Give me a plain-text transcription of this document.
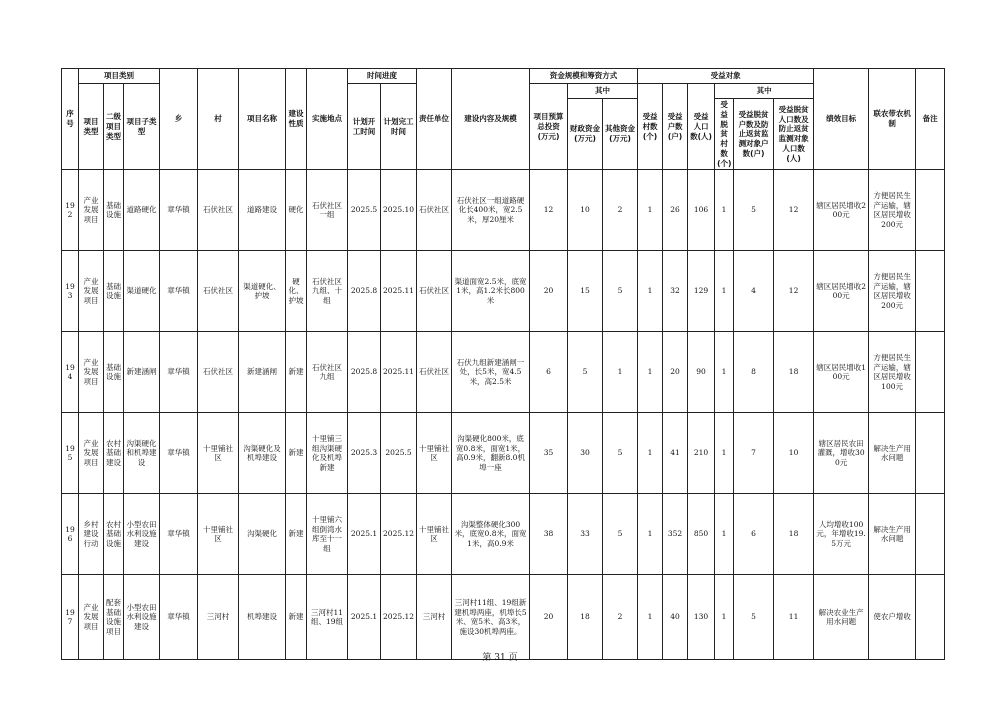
序号	项目类别			乡	村	项目名称	建设性质	实施地点	时间进度		责任单位	建设内容及规模	资金规模和筹资方式			受益对象						绩效目标	联农带农机制	备注
	项目类型	二级项目类型	项目子类型						计划开工时间	计划完工时间			项目预算总投资(万元)	其中		受益村数(个)	受益户数(户)	受益人口数(人)	其中					
														财政资金(万元)	其他资金(万元)				受益脱贫村数(个)	受益脱贫户数及防止返贫监测对象户数(户)	受益脱贫人口数及防止返贫监测对象人口数(人)			
192	产业发展项目	基础设施	道路硬化	章华镇	石伏社区	道路建设	硬化	石伏社区一组	2025.5	2025.10	石伏社区	石伏社区一组道路硬化长400米，宽2.5米，厚20厘米	12	10	2	1	26	106	1	5	12	辖区居民增收200元	方便居民生产运输，辖区居民增收200元	
193	产业发展项目	基础设施	渠道硬化	章华镇	石伏社区	渠道硬化、护坡	硬化、护坡	石伏社区九组、十组	2025.8	2025.11	石伏社区	渠道面宽2.5米，底宽1米，高1.2米长800米	20	15	5	1	32	129	1	4	12	辖区居民增收200元	方便居民生产运输，辖区居民增收200元	
194	产业发展项目	基础设施	新建涵闸	章华镇	石伏社区	新建涵闸	新建	石伏社区九组	2025.8	2025.11	石伏社区	石伏九组新建涵闸一处，长5米，宽4.5米，高2.5米	6	5	1	1	20	90	1	8	18	辖区居民增收100元	方便居民生产运输，辖区居民增收100元	
195	产业发展项目	农村基础建设	沟渠硬化和机埠建设	章华镇	十里铺社区	沟渠硬化及机埠建设	新建	十里铺三组沟渠硬化及机埠新建	2025.3	2025.5	十里铺社区	沟渠硬化800米，底宽0.8米，面宽1米，高0.9米，翻新8.0机埠一座	35	30	5	1	41	210	1	7	10	辖区居民农田灌溉，增收300元	解决生产用水问题	
196	乡村建设行动	农村基础设施	小型农田水利设施建设	章华镇	十里铺社区	沟渠硬化	新建	十里铺六组倒湾水库至十一组	2025.1	2025.12	十里铺社区	沟渠整体硬化300米，底宽0.8米，面宽1米，高0.9米	38	33	5	1	352	850	1	6	18	人均增收100元，年增收19.5万元	解决生产用水问题	
197	产业发展项目	配套基础设施项目	小型农田水利设施建设	章华镇	三河村	机埠建设	新建	三河村11组、19组	2025.1	2025.12	三河村	三河村11组、19组新建机埠两座，机埠长5米、宽5米、高3米，施设30机埠两座。	20	18	2	1	40	130	1	5	11	解决农业生产用水问题	使农户增收	
第 31 页
